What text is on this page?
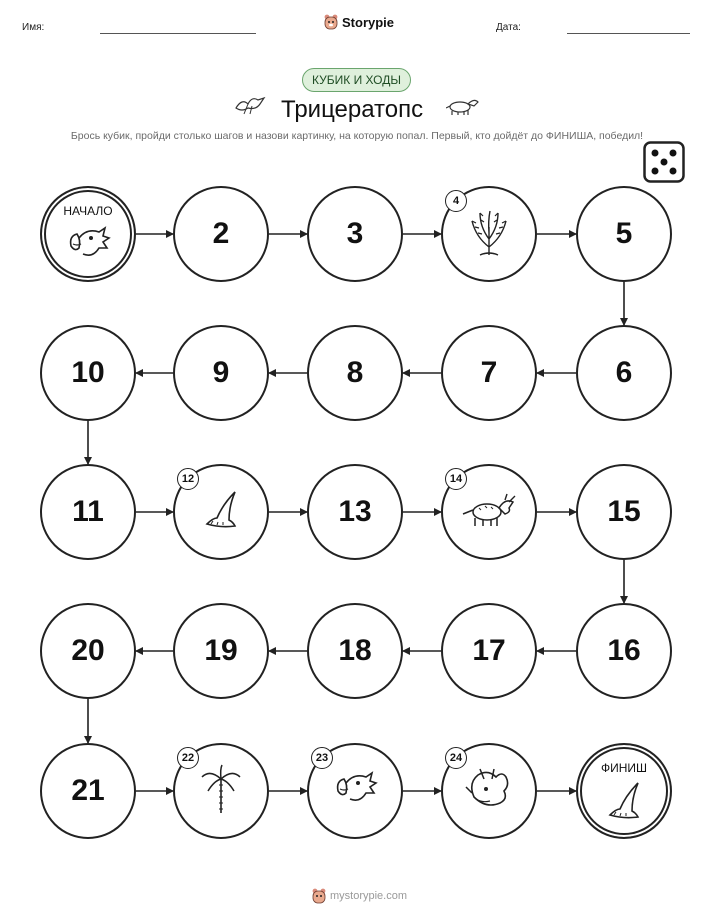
Имя:	Storypie	Дата:
КУБИК И ХОДЫ
Трицератопс
Брось кубик, пройди столько шагов и назови картинку, на которую попал. Первый, кто дойдёт до ФИНИША, победил!
НАЧАЛО
2	3
4
5
6
7
8
9
10
11
12
13
14
15
16
17
18
19
20
21
22	23	24
ФИНИШ
mystorypie.com
